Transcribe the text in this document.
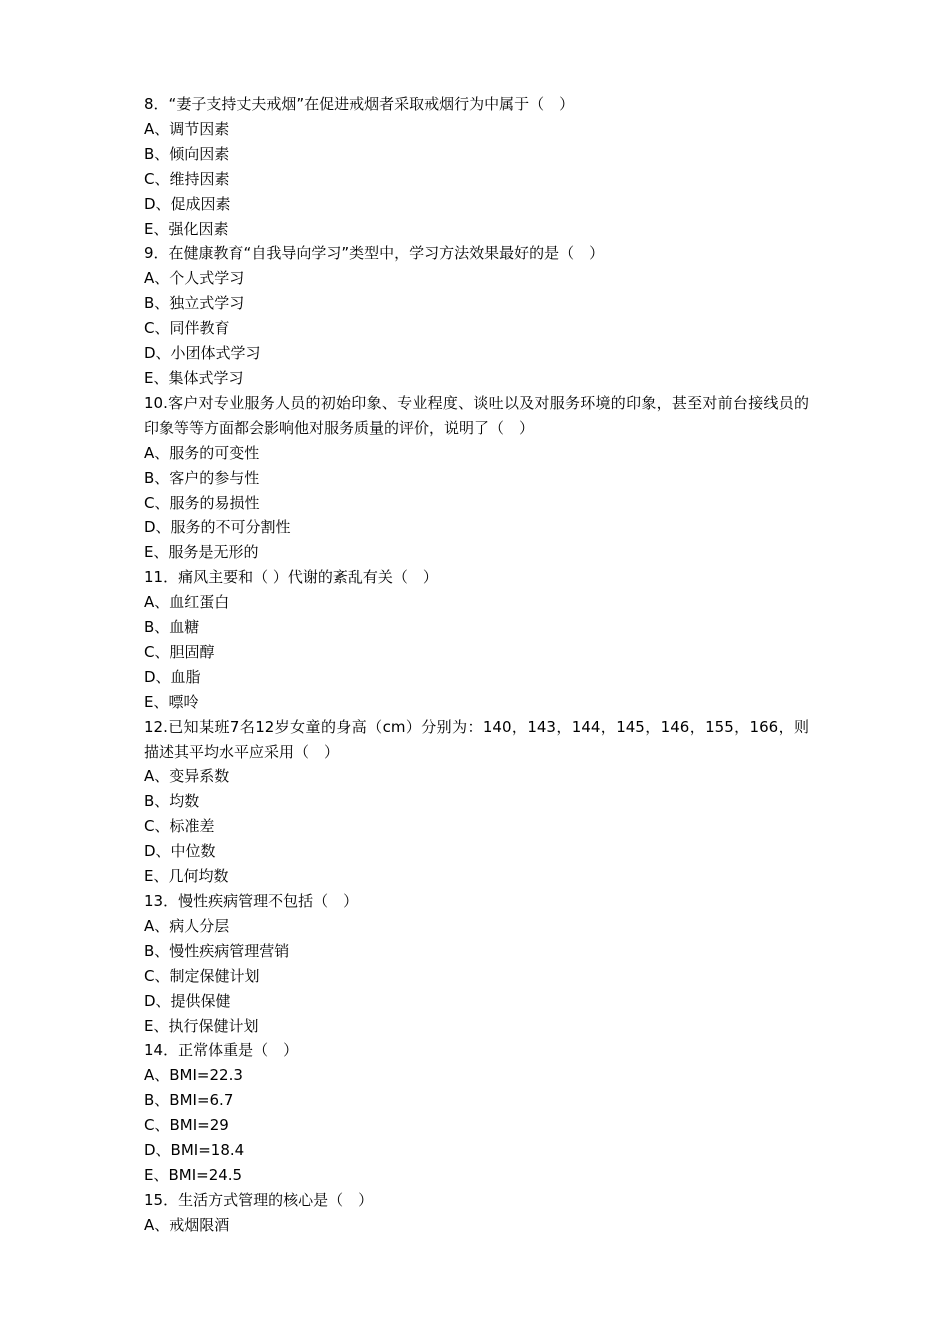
8．“妻子支持丈夫戒烟”在促进戒烟者采取戒烟行为中属于（　）
A、调节因素
B、倾向因素
C、维持因素
D、促成因素
E、强化因素
9．在健康教育“自我导向学习”类型中，学习方法效果最好的是（　）
A、个人式学习
B、独立式学习
C、同伴教育
D、小团体式学习
E、集体式学习
10.客户对专业服务人员的初始印象、专业程度、谈吐以及对服务环境的印象，甚至对前台接线员的印象等等方面都会影响他对服务质量的评价，说明了（　）
A、服务的可变性
B、客户的参与性
C、服务的易损性
D、服务的不可分割性
E、服务是无形的
11．痛风主要和（ ）代谢的紊乱有关（　）
A、血红蛋白
B、血糖
C、胆固醇
D、血脂
E、嘌呤
12.已知某班7名12岁女童的身高（cm）分别为：140，143，144，145，146，155，166，则描述其平均水平应采用（　）
A、变异系数
B、均数
C、标准差
D、中位数
E、几何均数
13．慢性疾病管理不包括（　）
A、病人分层
B、慢性疾病管理营销
C、制定保健计划
D、提供保健
E、执行保健计划
14．正常体重是（　）
A、BMI=22.3
B、BMI=6.7
C、BMI=29
D、BMI=18.4
E、BMI=24.5
15．生活方式管理的核心是（　）
A、戒烟限酒
